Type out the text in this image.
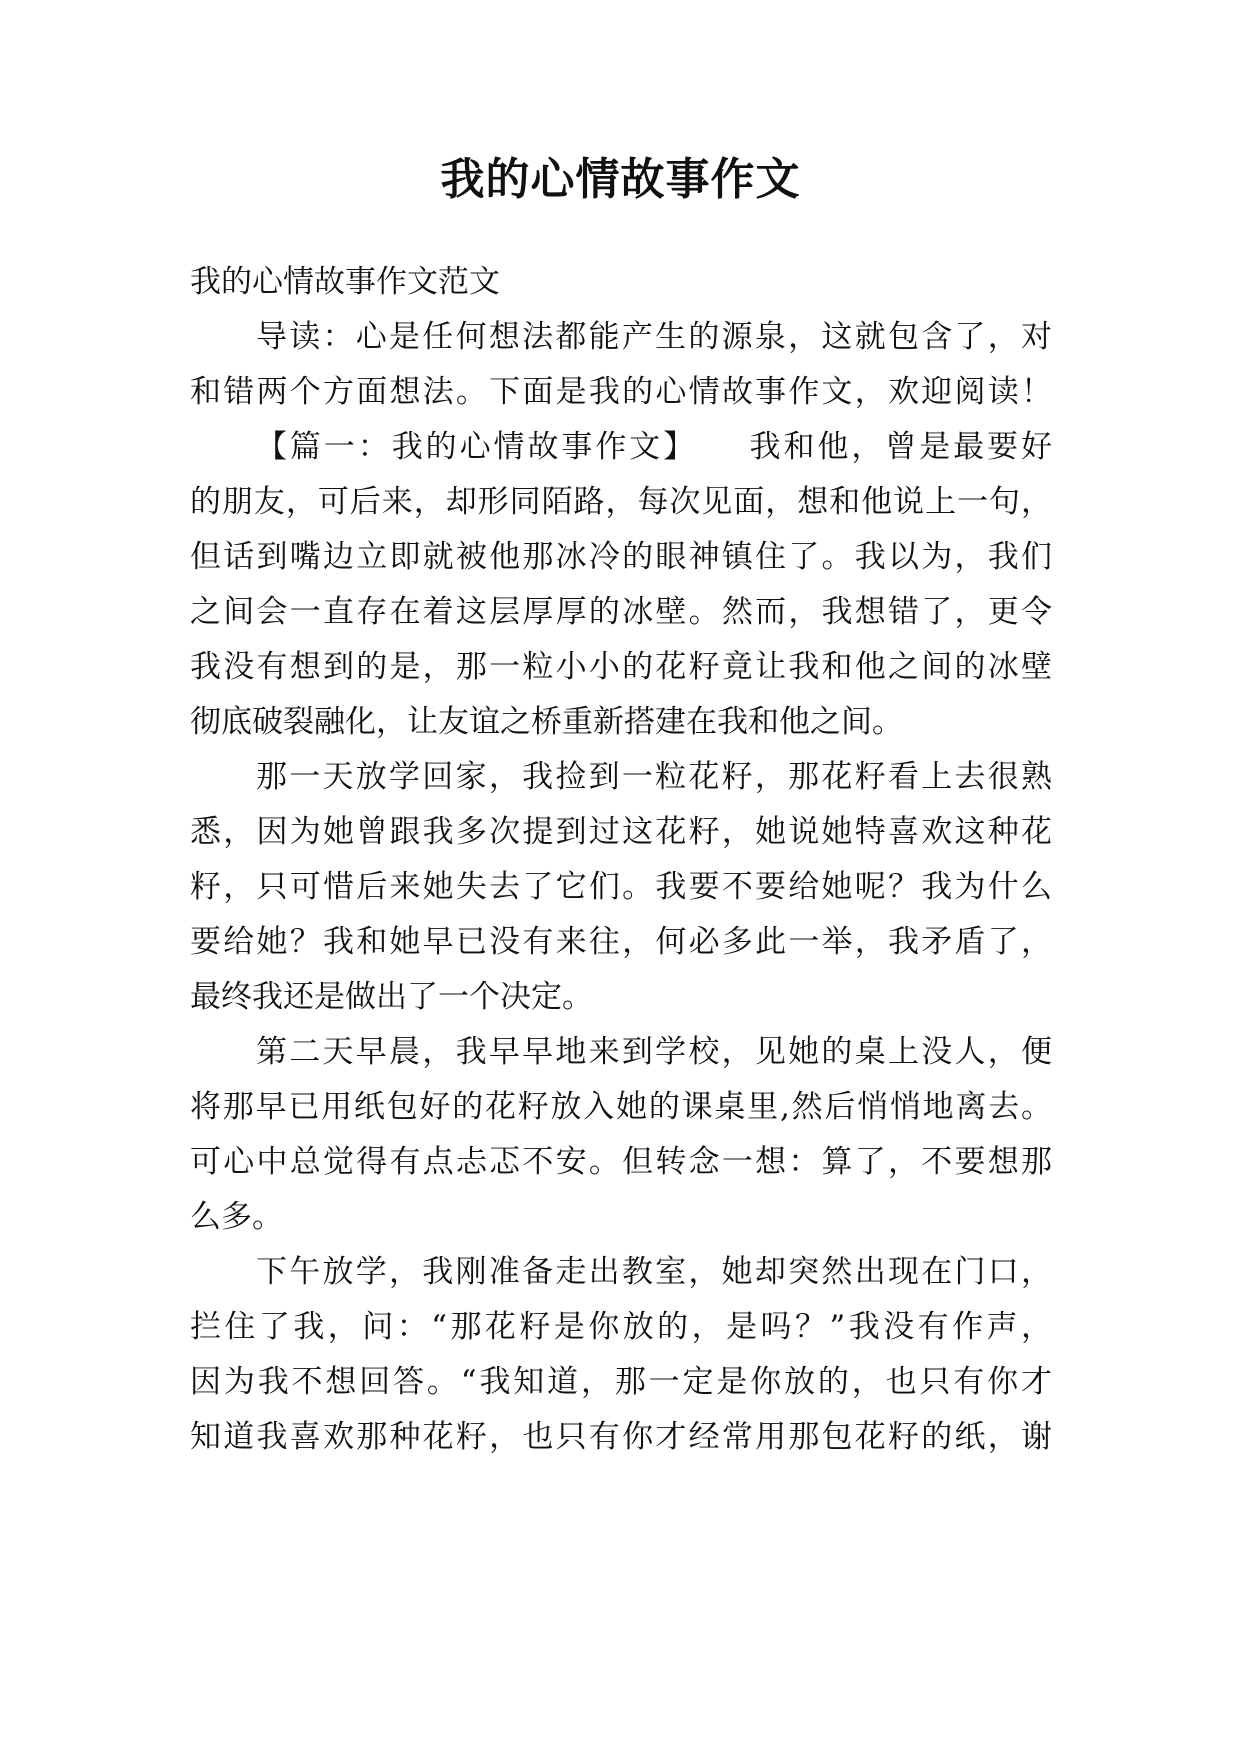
我的心情故事作文

我的心情故事作文范文

导读：心是任何想法都能产生的源泉，这就包含了，对

和错两个方面想法。下面是我的心情故事作文，欢迎阅读！

【篇一：我的心情故事作文】　　我和他，曾是最要好

的朋友，可后来，却形同陌路，每次见面，想和他说上一句，

但话到嘴边立即就被他那冰冷的眼神镇住了。我以为，我们

之间会一直存在着这层厚厚的冰壁。然而，我想错了，更令

我没有想到的是，那一粒小小的花籽竟让我和他之间的冰壁

彻底破裂融化，让友谊之桥重新搭建在我和他之间。

那一天放学回家，我捡到一粒花籽，那花籽看上去很熟

悉，因为她曾跟我多次提到过这花籽，她说她特喜欢这种花

籽，只可惜后来她失去了它们。我要不要给她呢？我为什么

要给她？我和她早已没有来往，何必多此一举，我矛盾了，

最终我还是做出了一个决定。

第二天早晨，我早早地来到学校，见她的桌上没人，便

将那早已用纸包好的花籽放入她的课桌里,然后悄悄地离去。

可心中总觉得有点忐忑不安。但转念一想：算了，不要想那

么多。

下午放学，我刚准备走出教室，她却突然出现在门口，

拦住了我，问：“那花籽是你放的，是吗？”我没有作声，

因为我不想回答。“我知道，那一定是你放的，也只有你才

知道我喜欢那种花籽，也只有你才经常用那包花籽的纸，谢
